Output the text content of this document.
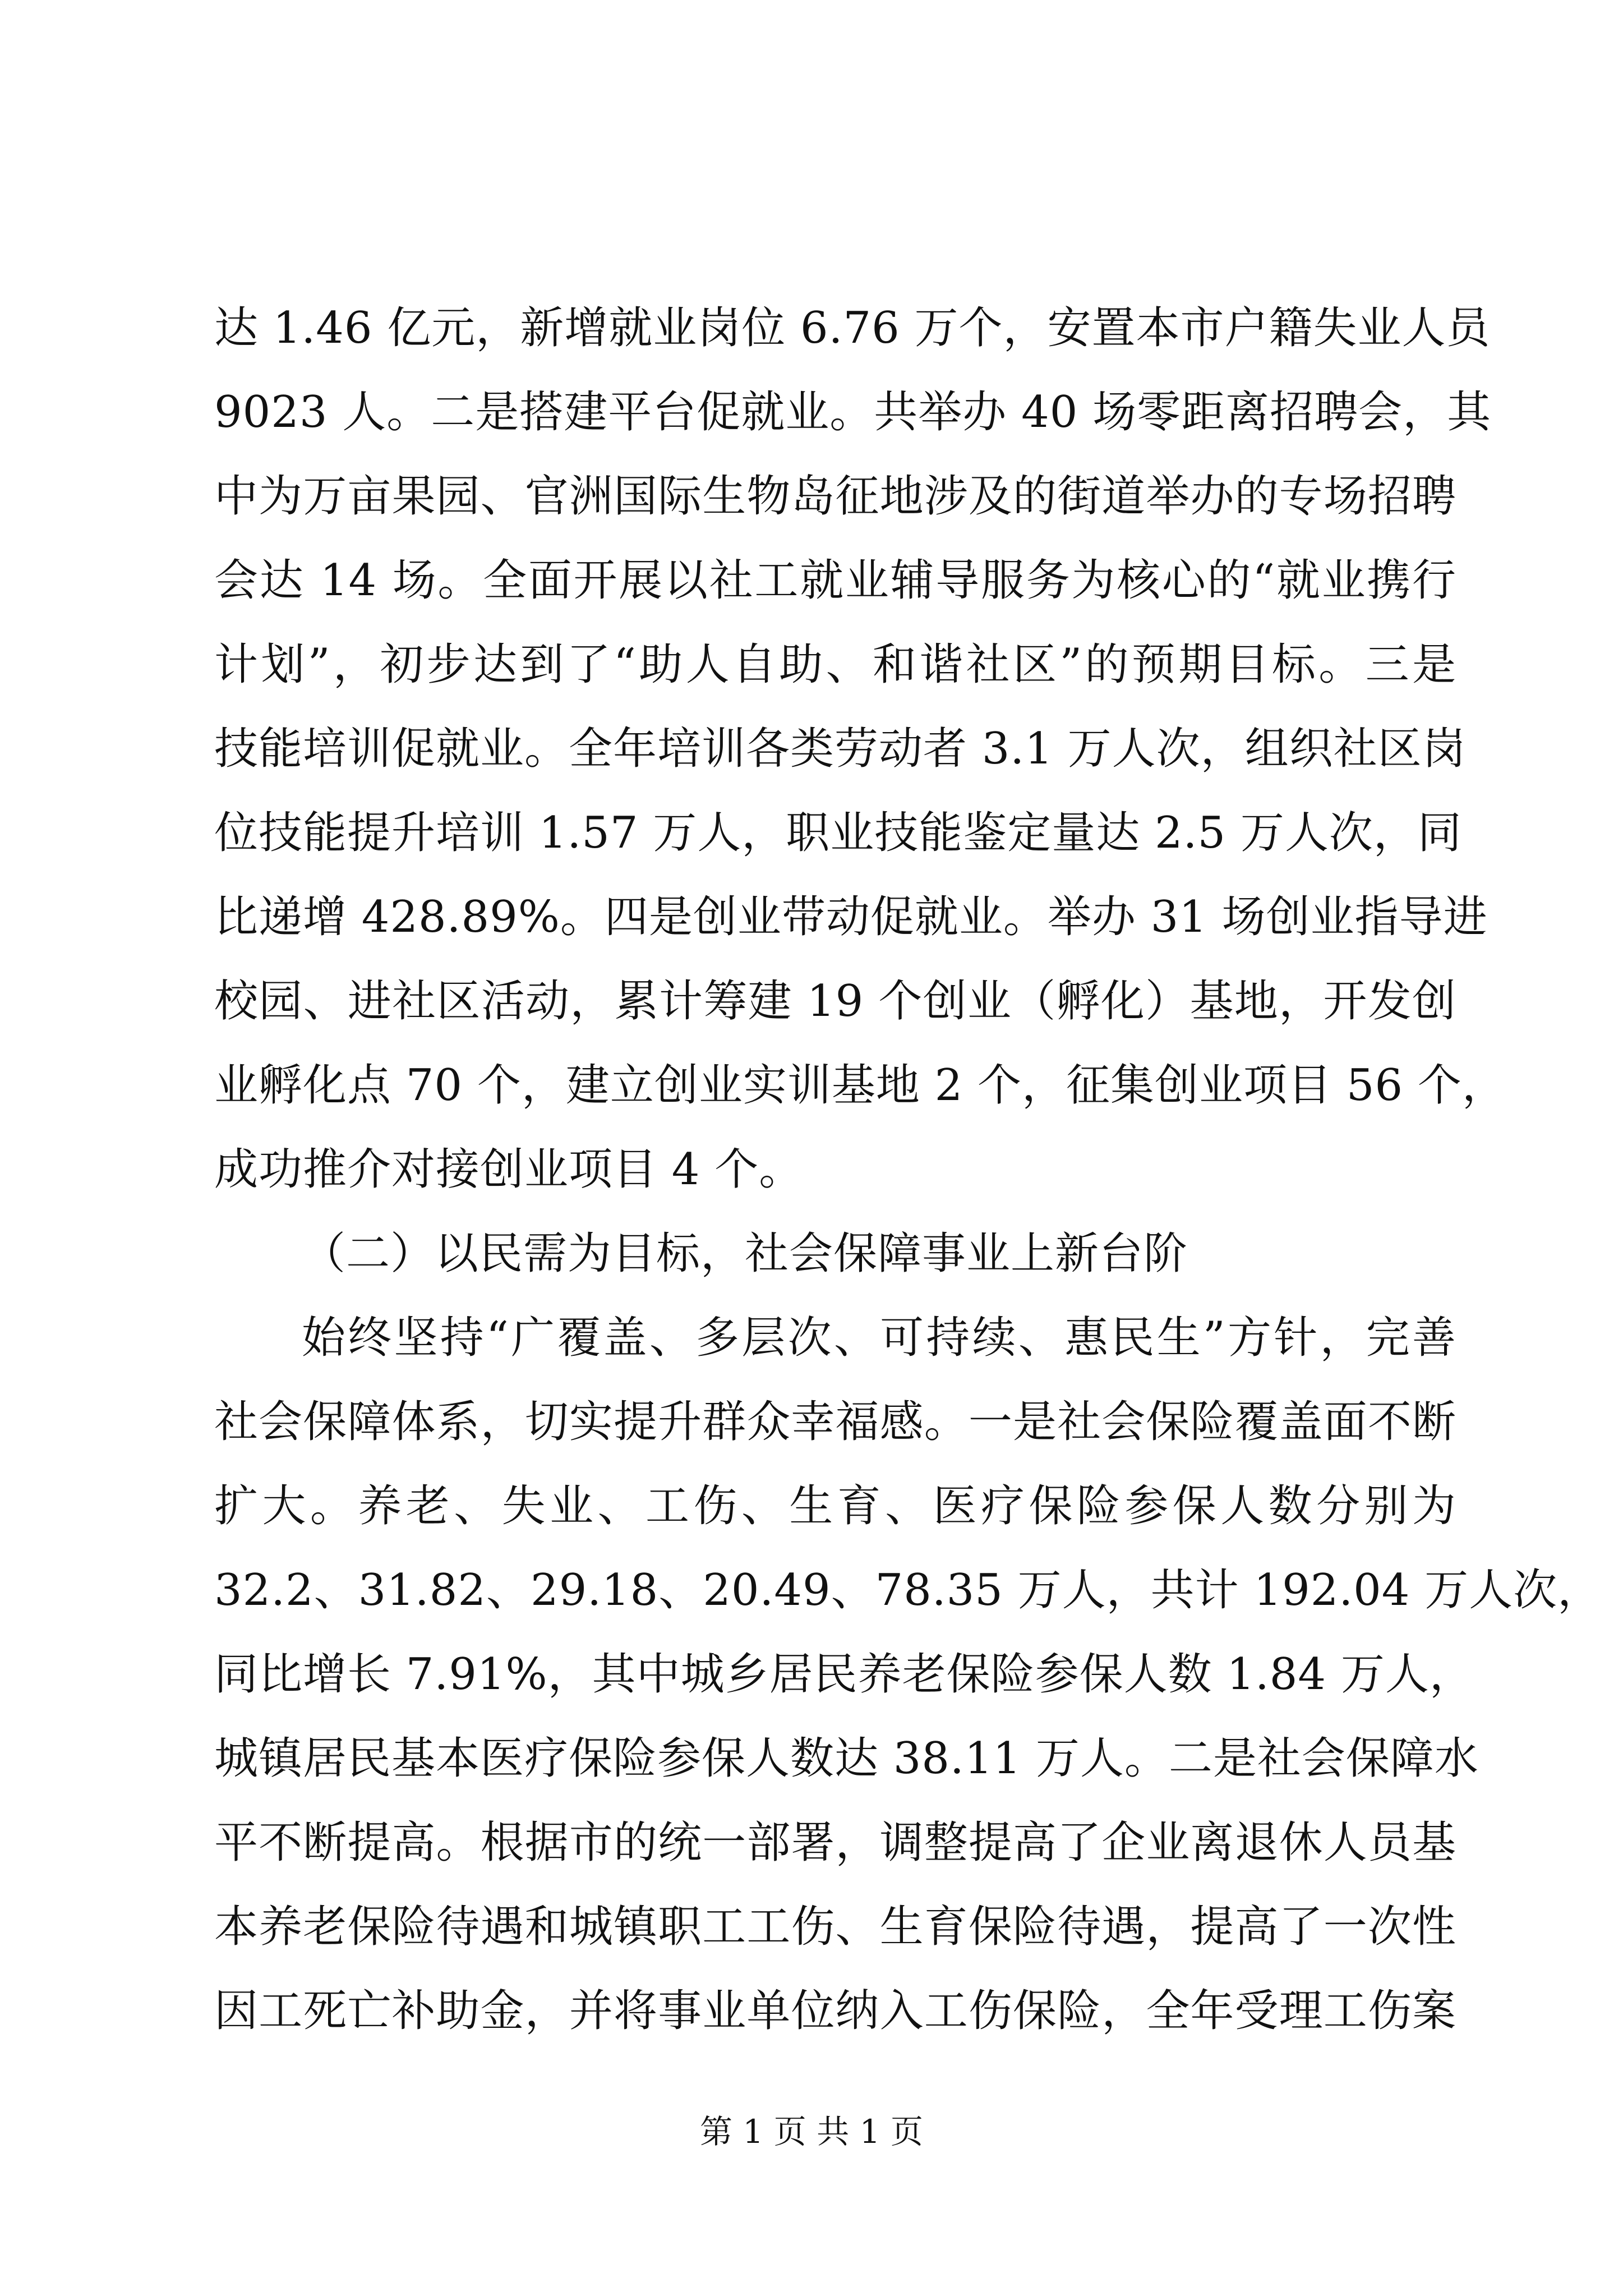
达 1.46 亿元，新增就业岗位 6.76 万个，安置本市户籍失业人员
9023 人。二是搭建平台促就业。共举办 40 场零距离招聘会，其
中为万亩果园、官洲国际生物岛征地涉及的街道举办的专场招聘
会达 14 场。全面开展以社工就业辅导服务为核心的“就业携行
计划”，初步达到了“助人自助、和谐社区”的预期目标。三是
技能培训促就业。全年培训各类劳动者 3.1 万人次，组织社区岗
位技能提升培训 1.57 万人，职业技能鉴定量达 2.5 万人次，同
比递增 428.89%。四是创业带动促就业。举办 31 场创业指导进
校园、进社区活动，累计筹建 19 个创业（孵化）基地，开发创
业孵化点 70 个，建立创业实训基地 2 个，征集创业项目 56 个，
成功推介对接创业项目 4 个。
（二）以民需为目标，社会保障事业上新台阶
始终坚持“广覆盖、多层次、可持续、惠民生”方针，完善
社会保障体系，切实提升群众幸福感。一是社会保险覆盖面不断
扩大。养老、失业、工伤、生育、医疗保险参保人数分别为
32.2、31.82、29.18、20.49、78.35 万人，共计 192.04 万人次，
同比增长 7.91%，其中城乡居民养老保险参保人数 1.84 万人，
城镇居民基本医疗保险参保人数达 38.11 万人。二是社会保障水
平不断提高。根据市的统一部署，调整提高了企业离退休人员基
本养老保险待遇和城镇职工工伤、生育保险待遇，提高了一次性
因工死亡补助金，并将事业单位纳入工伤保险，全年受理工伤案
第 1 页 共 1 页
